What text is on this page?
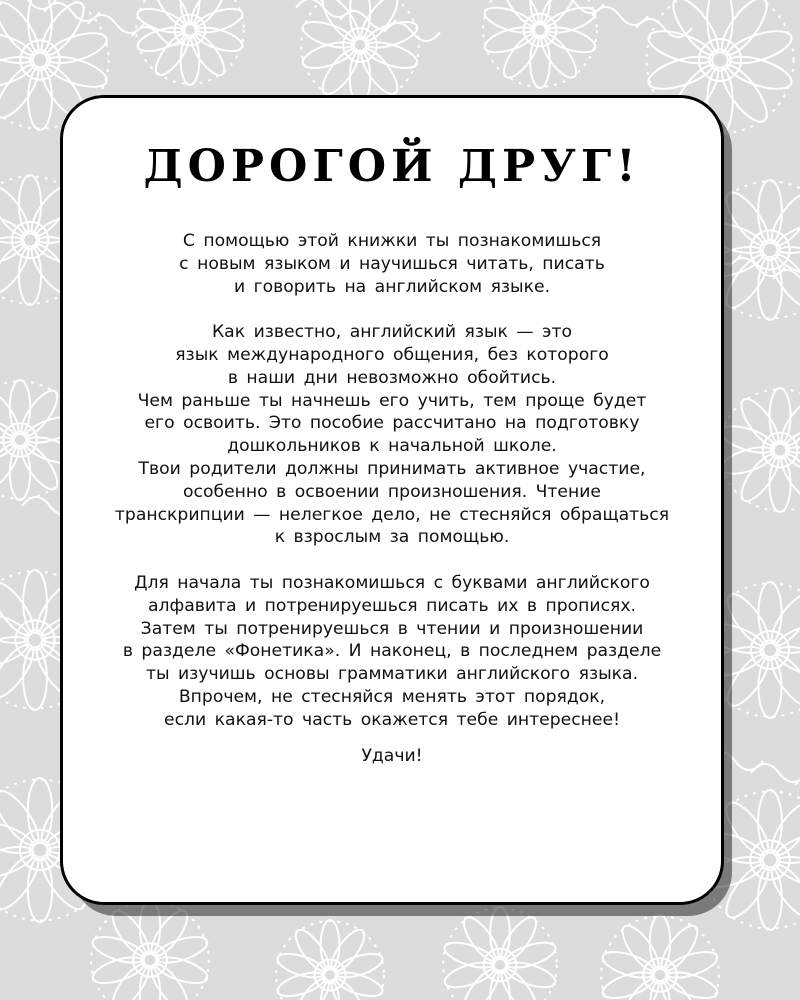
ДОРОГОЙ ДРУГ!

С помощью этой книжки ты познакомишься
с новым языком и научишься читать, писать
и говорить на английском языке.

Как известно, английский язык — это
язык международного общения, без которого
в наши дни невозможно обойтись.
Чем раньше ты начнешь его учить, тем проще будет
его освоить. Это пособие рассчитано на подготовку
дошкольников к начальной школе.
Твои родители должны принимать активное участие,
особенно в освоении произношения. Чтение
транскрипции — нелегкое дело, не стесняйся обращаться
к взрослым за помощью.

Для начала ты познакомишься с буквами английского
алфавита и потренируешься писать их в прописях.
Затем ты потренируешься в чтении и произношении
в разделе «Фонетика». И наконец, в последнем разделе
ты изучишь основы грамматики английского языка.
Впрочем, не стесняйся менять этот порядок,
если какая-то часть окажется тебе интереснее!

Удачи!
